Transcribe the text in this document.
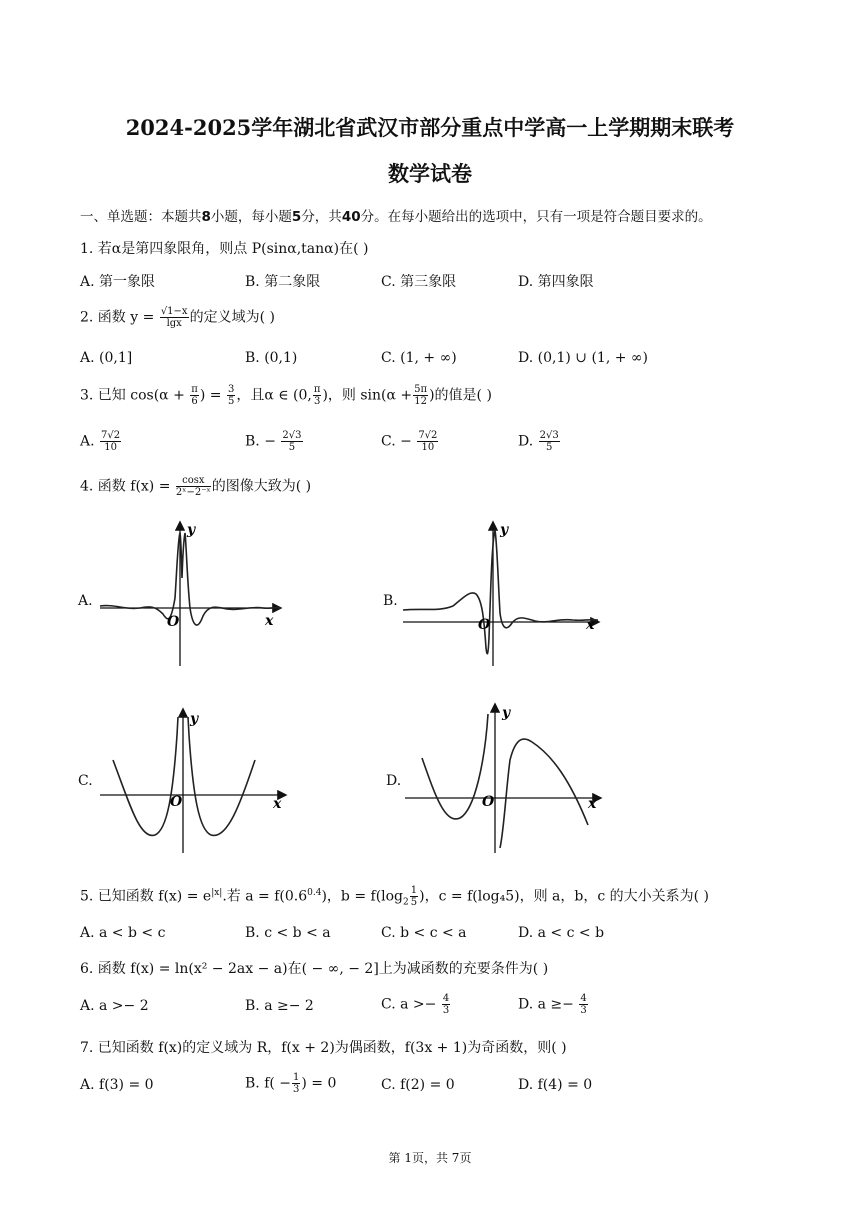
2024-2025学年湖北省武汉市部分重点中学高一上学期期末联考
数学试卷
一、单选题：本题共8小题，每小题5分，共40分。在每小题给出的选项中，只有一项是符合题目要求的。
1. 若α是第四象限角，则点 P(sinα,tanα)在( )
A. 第一象限	B. 第二象限	C. 第三象限	D. 第四象限
2. 函数 $y = \frac{√1-x}{\lg x}$ 的定义域为( )
A. (0,1]	B. (0,1)	C. (1, + ∞)	D. (0,1) ∪ (1, + ∞)
3. 已知 $\cos(\alpha + \frac{\pi}{6}$ ) = $\frac{3}{5}$ ，且α ∈ (0, $\frac{\pi}{3}$ )，则 $\sin(\alpha + \frac{5\pi}{12}$ )的值是( )
A. $\frac{7√2}{10}$	B. − $\frac{2√3}{5}$	C. − $\frac{7√2}{10}$	D. $\frac{2√3}{5}$
4. 函数 $f(x) = \frac{\cos x}{\text{2ˣ−2⁻ˣ}}$ 的图像大致为( )
A.	B.
C.	D.
y
x
O
y
x
O
y
x
O
y
x
O
5. 已知函数 $f(x) = e^{|x|}$.若 $a = f(0.6^{0.4})$，$b = f(\log_2 \frac{1}{5}$ )，c = f(log₄5)，则 a，b，c 的大小关系为( )
A. a < b < c	B. c < b < a	C. b < c < a	D. a < c < b
6. 函数 f(x) = ln(x² − 2ax − a)在( − ∞, − 2]上为减函数的充要条件为( )
A. a >− 2	B. a ≥− 2	C. $a >- \frac{4}{3}$	D. $a \ge- \frac{4}{3}$
7. 已知函数 f(x)的定义域为 R，f(x + 2)为偶函数，f(3x + 1)为奇函数，则( )
A. f(3) = 0	B. $f( - \frac{1}{3}$ ) = 0	C. f(2) = 0	D. f(4) = 0
第 1页，共 7页
